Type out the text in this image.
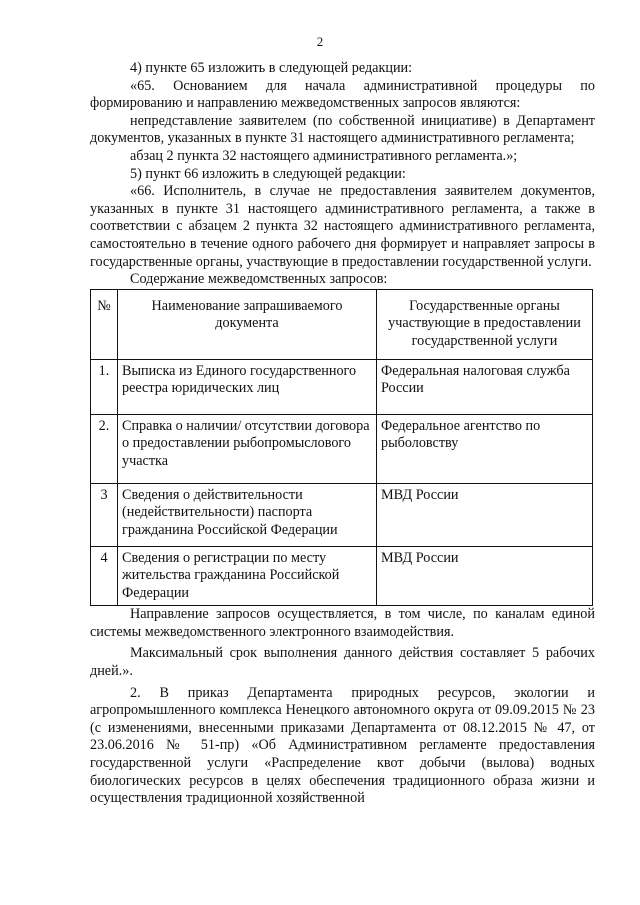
2

4) пункте 65 изложить в следующей редакции:

«65. Основанием для начала административной процедуры по формированию и направлению межведомственных запросов являются:

непредставление заявителем (по собственной инициативе) в Департамент документов, указанных в пункте 31 настоящего административного регламента;

абзац 2 пункта 32 настоящего административного регламента.»;

5) пункт 66 изложить в следующей редакции:

«66. Исполнитель, в случае не предоставления заявителем документов, указанных в пункте 31 настоящего административного регламента, а также в соответствии с абзацем 2 пункта 32 настоящего административного регламента, самостоятельно в течение одного рабочего дня формирует и направляет запросы в государственные органы, участвующие в предоставлении государственной услуги.

Содержание межведомственных запросов:

№	Наименование запрашиваемого документа	Государственные органы участвующие в предоставлении государственной услуги
1.	Выписка из Единого государственного реестра юридических лиц	Федеральная налоговая служба России
2.	Справка о наличии/ отсутствии договора о предоставлении рыбопромыслового участка	Федеральное агентство по рыболовству
3	Сведения о действительности (недействительности) паспорта гражданина Российской Федерации	МВД России
4	Сведения о регистрации по месту жительства гражданина Российской Федерации	МВД России

Направление запросов осуществляется, в том числе, по каналам единой системы межведомственного электронного взаимодействия.

Максимальный срок выполнения данного действия составляет 5 рабочих дней.».

2. В приказ Департамента природных ресурсов, экологии и агропромышленного комплекса Ненецкого автономного округа от 09.09.2015 № 23 (с изменениями, внесенными приказами Департамента от 08.12.2015 № 47, от 23.06.2016 № 51-пр) «Об Административном регламенте предоставления государственной услуги «Распределение квот добычи (вылова) водных биологических ресурсов в целях обеспечения традиционного образа жизни и осуществления традиционной хозяйственной
